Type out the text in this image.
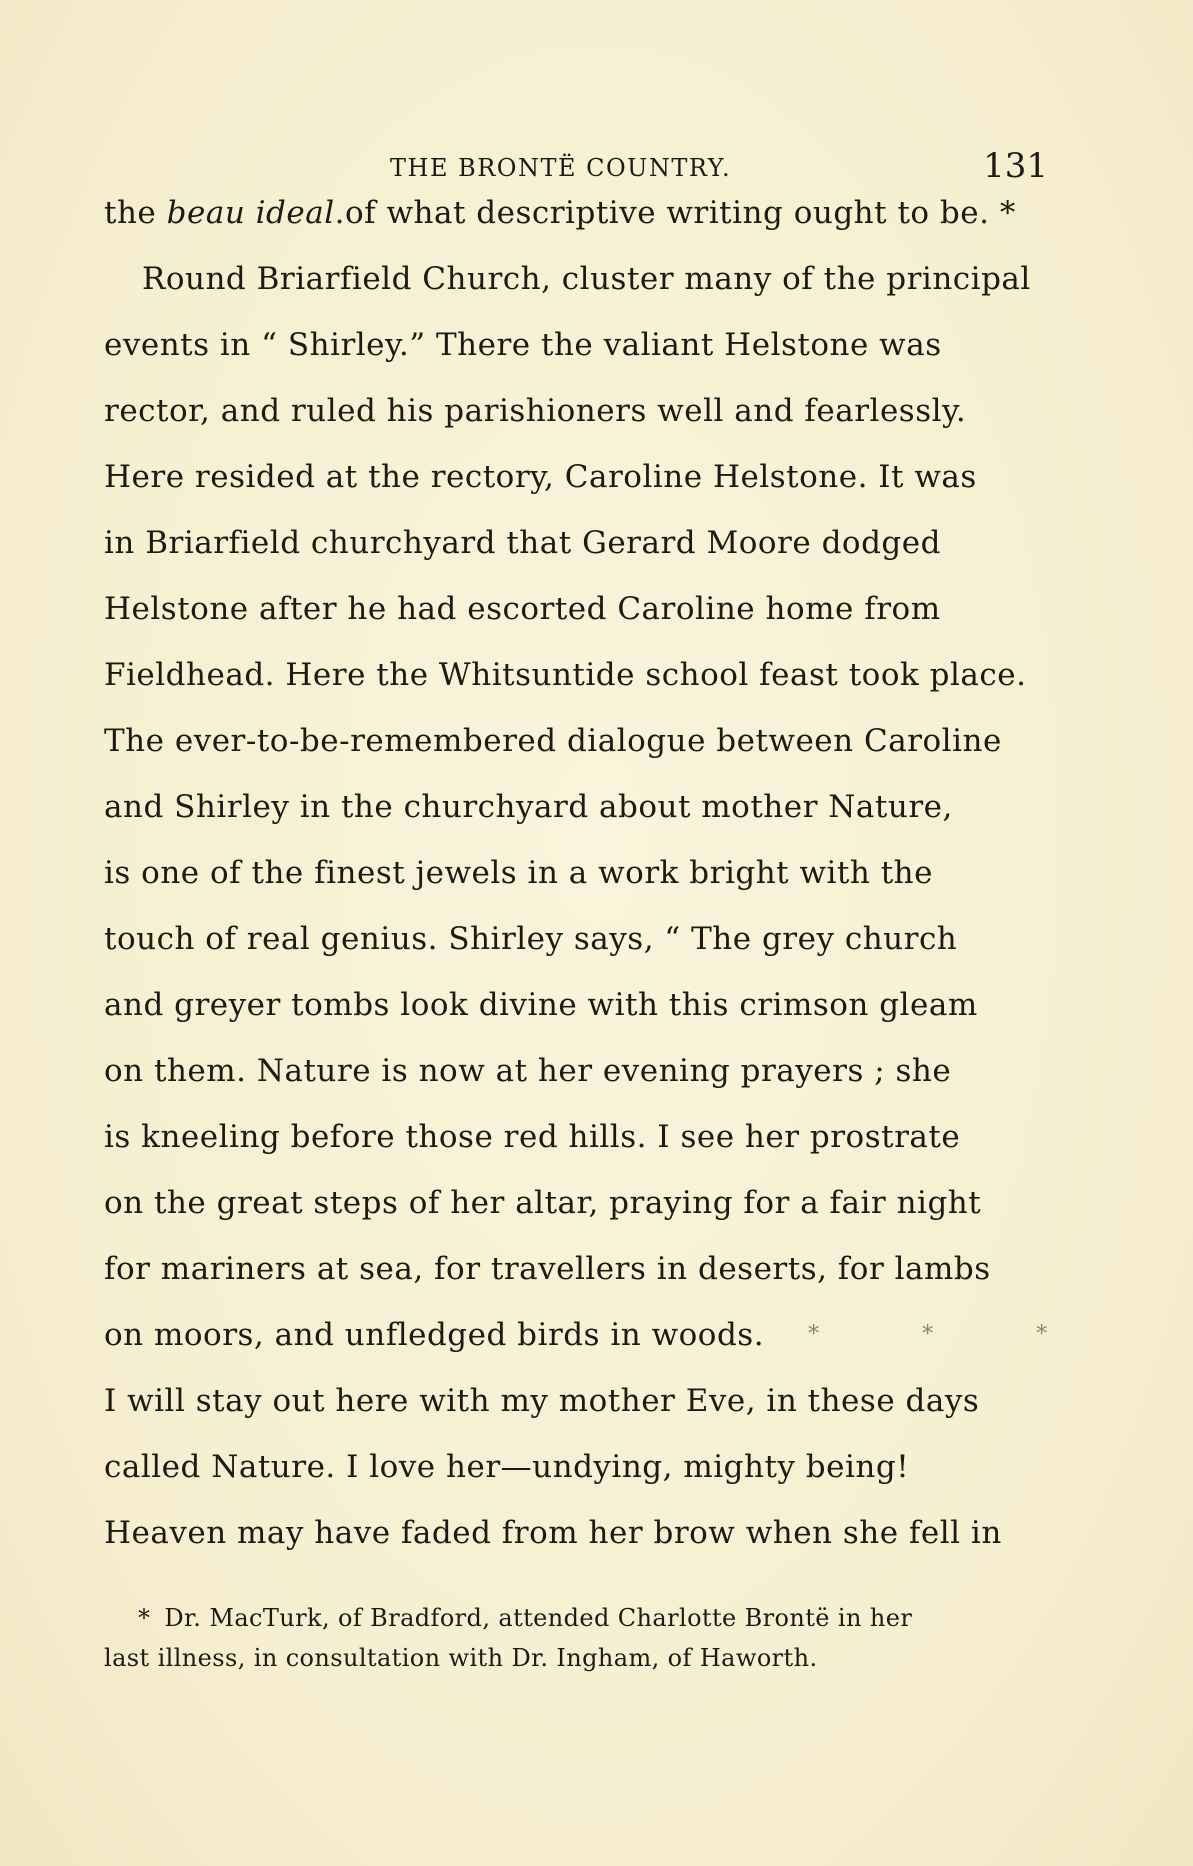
THE BRONTË COUNTRY.	131
the beau ideal.of what descriptive writing ought to be. *
Round Briarfield Church, cluster many of the principal
events in “ Shirley.” There the valiant Helstone was
rector, and ruled his parishioners well and fearlessly.
Here resided at the rectory, Caroline Helstone. It was
in Briarfield churchyard that Gerard Moore dodged
Helstone after he had escorted Caroline home from
Fieldhead. Here the Whitsuntide school feast took place.
The ever-to-be-remembered dialogue between Caroline
and Shirley in the churchyard about mother Nature,
is one of the finest jewels in a work bright with the
touch of real genius. Shirley says, “ The grey church
and greyer tombs look divine with this crimson gleam
on them. Nature is now at her evening prayers ; she
is kneeling before those red hills. I see her prostrate
on the great steps of her altar, praying for a fair night
for mariners at sea, for travellers in deserts, for lambs
on moors, and unfledged birds in woods. * * *
I will stay out here with my mother Eve, in these days
called Nature. I love her—undying, mighty being!
Heaven may have faded from her brow when she fell in
* Dr. MacTurk, of Bradford, attended Charlotte Brontë in her
last illness, in consultation with Dr. Ingham, of Haworth.
